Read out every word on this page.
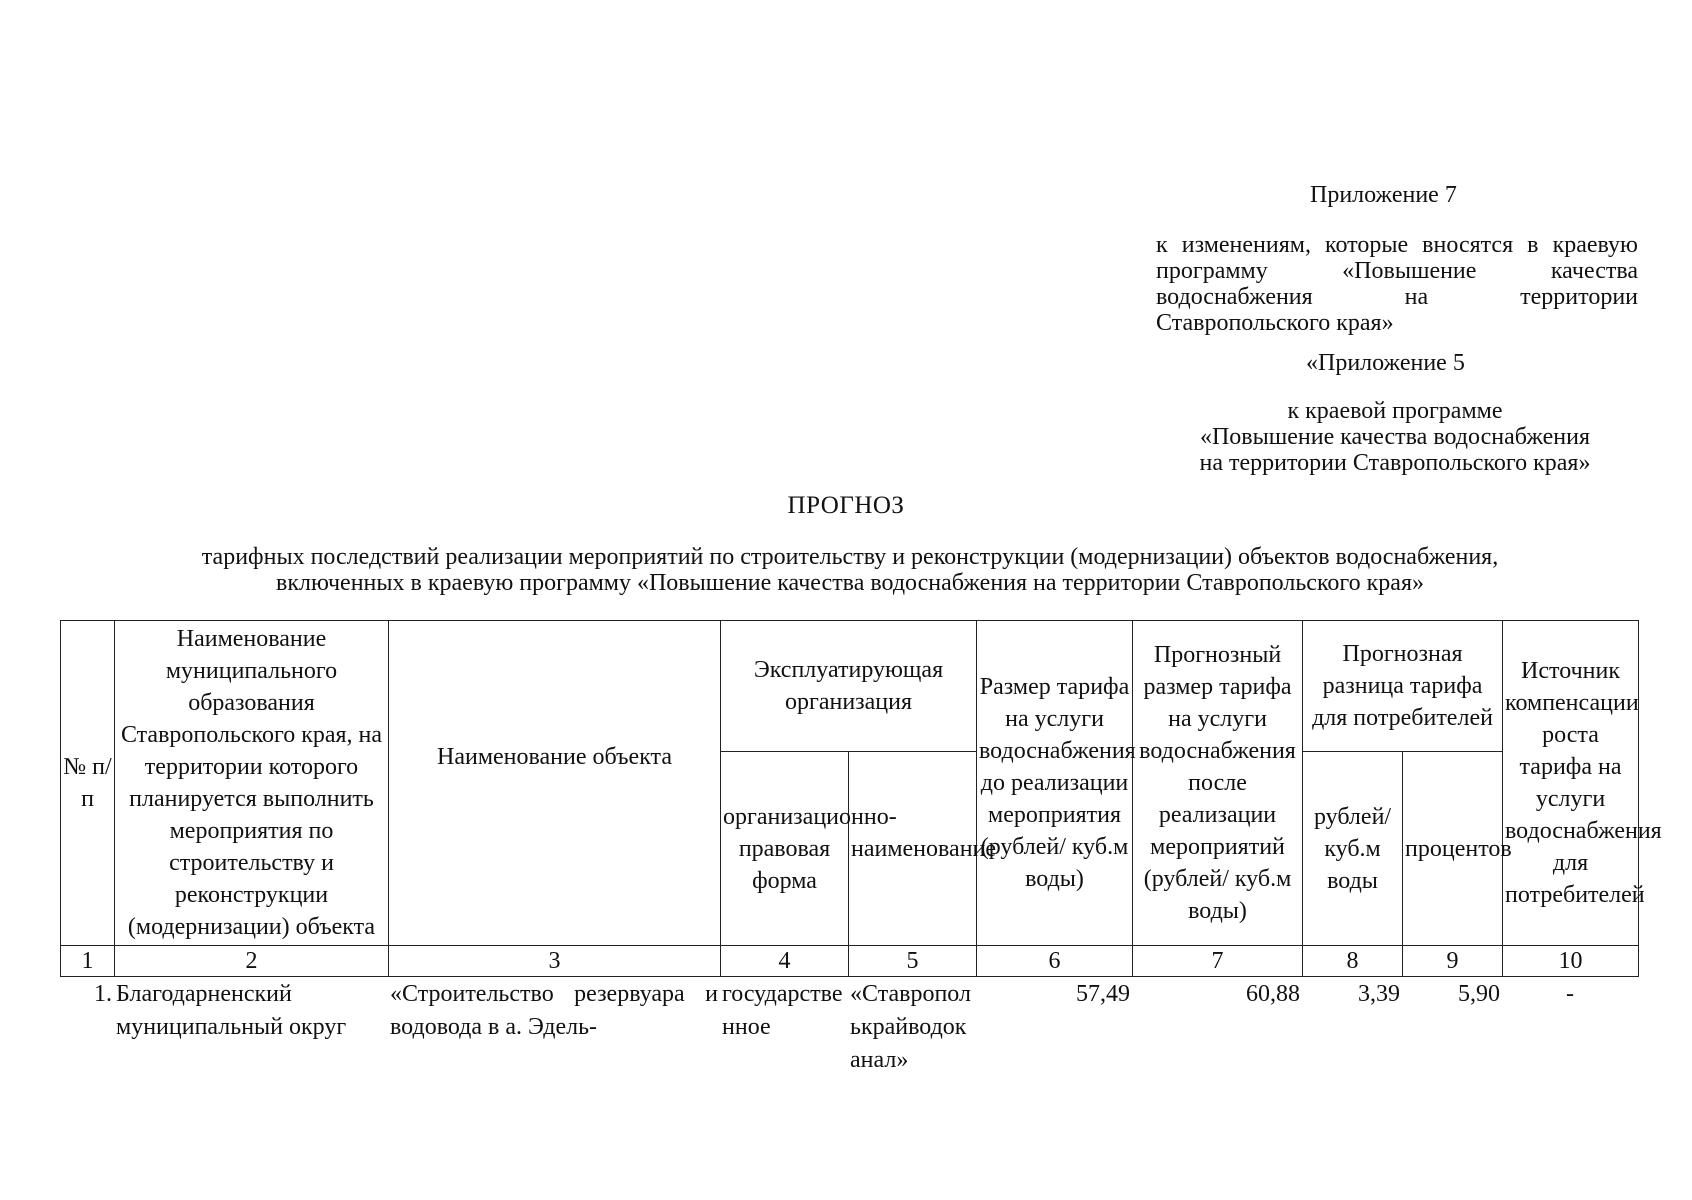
Приложение 7
к изменениям, которые вносятся в краевую программу «Повышение качества водоснабжения на территории Ставропольского края»
«Приложение 5
к краевой программе
«Повышение качества водоснабжения
на территории Ставропольского края»
ПРОГНОЗ
тарифных последствий реализации мероприятий по строительству и реконструкции (модернизации) объектов водоснабжения,
включенных в краевую программу «Повышение качества водоснабжения на территории Ставропольского края»
№ п/п	Наименование муниципального образования Ставропольского края, на территории которого планируется выполнить мероприятия по строительству и реконструкции (модернизации) объекта	Наименование объекта	Эксплуатирующая организация		Размер тарифа на услуги водоснабжения до реализации мероприятия (рублей/ куб.м воды)	Прогнозный размер тарифа на услуги водоснабжения после реализации мероприятий (рублей/ куб.м воды)	Прогнозная разница тарифа для потребителей		Источник компенсации роста тарифа на услуги водоснабжения для потребителей
			организационно-правовая форма	наименование			рублей/ куб.м воды	процентов	
1	2	3	4	5	6	7	8	9	10
1.	Благодарненский муниципальный округ	«Строительство резервуара и водовода в а. Эдель-	государственное	«Ставрополькрайводоканал»	57,49	60,88	3,39	5,90	-
